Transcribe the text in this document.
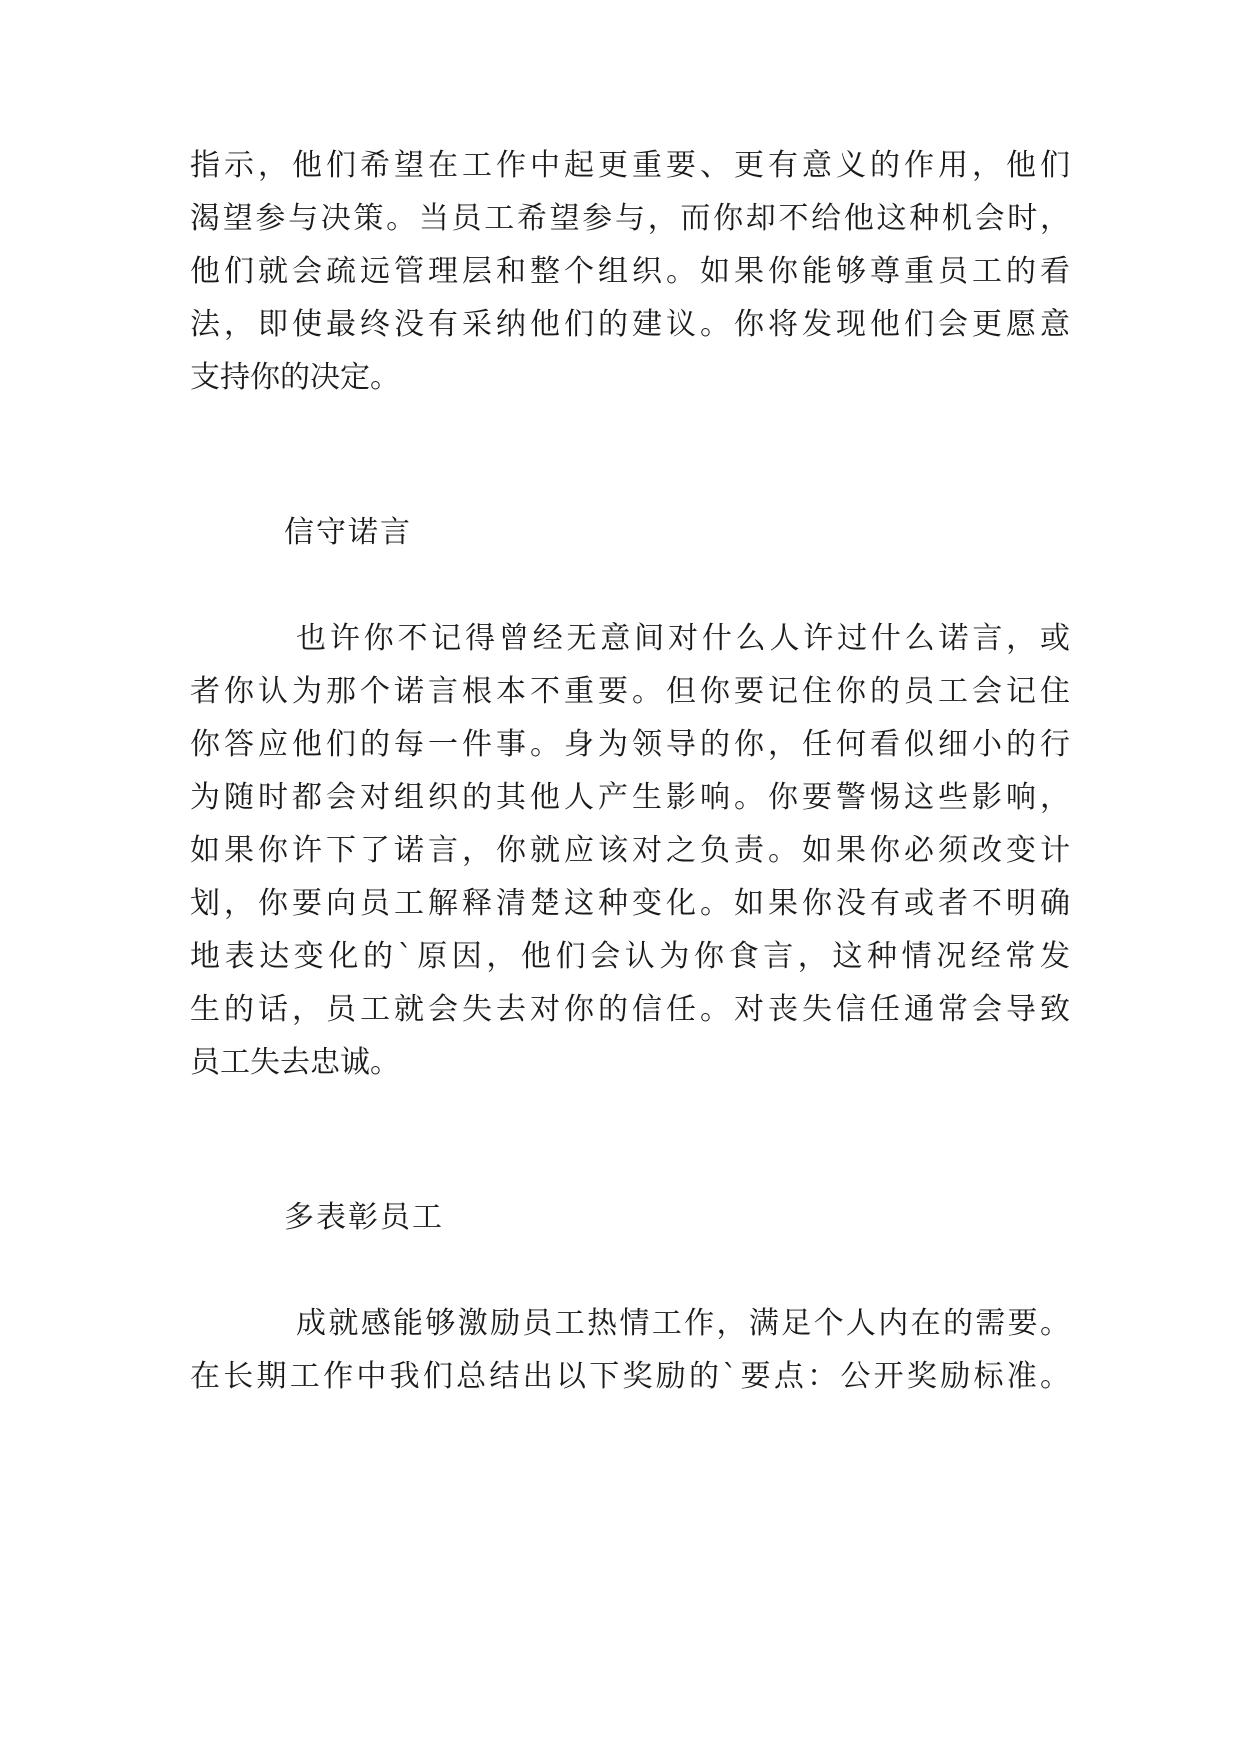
指示，他们希望在工作中起更重要、更有意义的作用，他们
渴望参与决策。当员工希望参与，而你却不给他这种机会时，
他们就会疏远管理层和整个组织。如果你能够尊重员工的看
法，即使最终没有采纳他们的建议。你将发现他们会更愿意
支持你的决定。
信守诺言
也许你不记得曾经无意间对什么人许过什么诺言，或
者你认为那个诺言根本不重要。但你要记住你的员工会记住
你答应他们的每一件事。身为领导的你，任何看似细小的行
为随时都会对组织的其他人产生影响。你要警惕这些影响，
如果你许下了诺言，你就应该对之负责。如果你必须改变计
划，你要向员工解释清楚这种变化。如果你没有或者不明确
地表达变化的`原因，他们会认为你食言，这种情况经常发
生的话，员工就会失去对你的信任。对丧失信任通常会导致
员工失去忠诚。
多表彰员工
成就感能够激励员工热情工作，满足个人内在的需要。
在长期工作中我们总结出以下奖励的`要点：公开奖励标准。
